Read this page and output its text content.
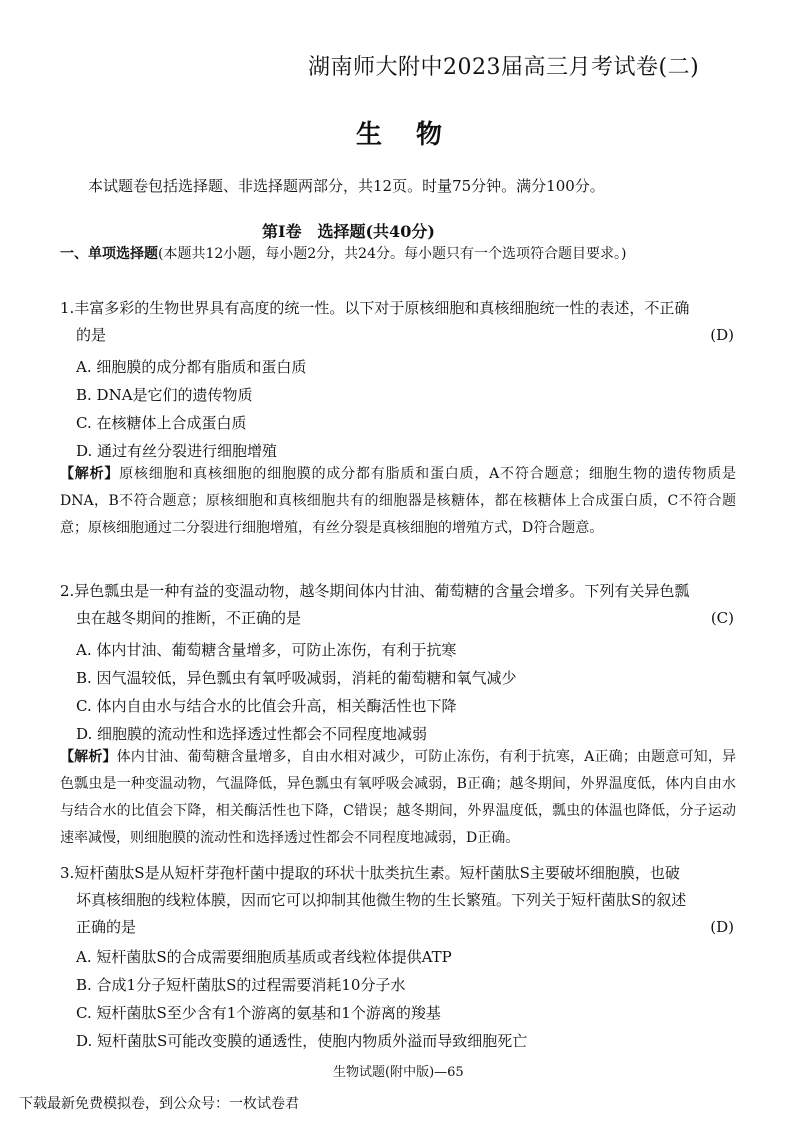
湖南师大附中2023届高三月考试卷(二)
生物
本试题卷包括选择题、非选择题两部分，共12页。时量75分钟。满分100分。
第Ⅰ卷　选择题(共40分)
一、单项选择题(本题共12小题，每小题2分，共24分。每小题只有一个选项符合题目要求。)
1.丰富多彩的生物世界具有高度的统一性。以下对于原核细胞和真核细胞统一性的表述，不正确
的是	(D)
A. 细胞膜的成分都有脂质和蛋白质
B. DNA是它们的遗传物质
C. 在核糖体上合成蛋白质
D. 通过有丝分裂进行细胞增殖
【解析】原核细胞和真核细胞的细胞膜的成分都有脂质和蛋白质，A不符合题意；细胞生物的遗传物质是DNA，B不符合题意；原核细胞和真核细胞共有的细胞器是核糖体，都在核糖体上合成蛋白质，C不符合题意；原核细胞通过二分裂进行细胞增殖，有丝分裂是真核细胞的增殖方式，D符合题意。
2.异色瓢虫是一种有益的变温动物，越冬期间体内甘油、葡萄糖的含量会增多。下列有关异色瓢
虫在越冬期间的推断，不正确的是	(C)
A. 体内甘油、葡萄糖含量增多，可防止冻伤，有利于抗寒
B. 因气温较低，异色瓢虫有氧呼吸减弱，消耗的葡萄糖和氧气减少
C. 体内自由水与结合水的比值会升高，相关酶活性也下降
D. 细胞膜的流动性和选择透过性都会不同程度地减弱
【解析】体内甘油、葡萄糖含量增多，自由水相对减少，可防止冻伤，有利于抗寒，A正确；由题意可知，异色瓢虫是一种变温动物，气温降低，异色瓢虫有氧呼吸会减弱，B正确；越冬期间，外界温度低，体内自由水与结合水的比值会下降，相关酶活性也下降，C错误；越冬期间，外界温度低，瓢虫的体温也降低，分子运动速率减慢，则细胞膜的流动性和选择透过性都会不同程度地减弱，D正确。
3.短杆菌肽S是从短杆芽孢杆菌中提取的环状十肽类抗生素。短杆菌肽S主要破坏细胞膜，也破
坏真核细胞的线粒体膜，因而它可以抑制其他微生物的生长繁殖。下列关于短杆菌肽S的叙述
正确的是	(D)
A. 短杆菌肽S的合成需要细胞质基质或者线粒体提供ATP
B. 合成1分子短杆菌肽S的过程需要消耗10分子水
C. 短杆菌肽S至少含有1个游离的氨基和1个游离的羧基
D. 短杆菌肽S可能改变膜的通透性，使胞内物质外溢而导致细胞死亡
生物试题(附中版)—65
下载最新免费模拟卷，到公众号：一枚试卷君
